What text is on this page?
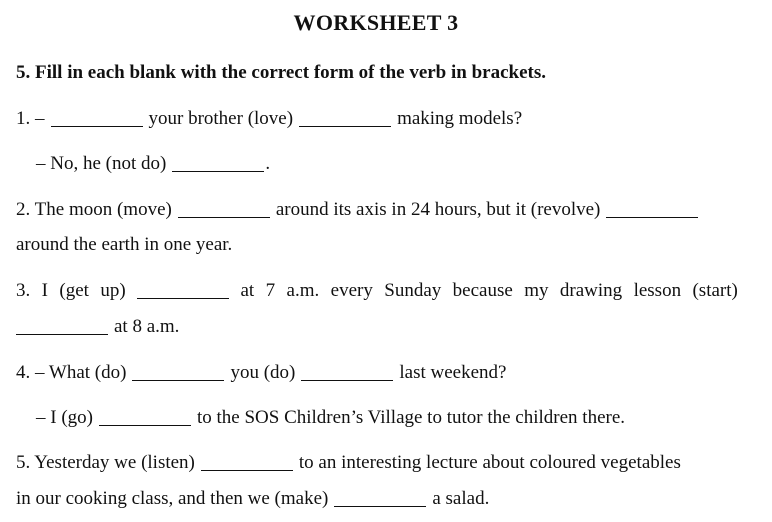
WORKSHEET 3
5. Fill in each blank with the correct form of the verb in brackets.
1. –	your brother (love)	making models?
– No, he (not do)	.
2. The moon (move)	around its axis in 24 hours, but it (revolve)
around the earth in one year.
3. I (get up)	at 7 a.m. every Sunday because my drawing lesson (start)
at 8 a.m.
4. – What (do)	you (do)	last weekend?
– I (go)	to the SOS Children’s Village to tutor the children there.
5. Yesterday we (listen)	to an interesting lecture about coloured vegetables
in our cooking class, and then we (make)	a salad.
